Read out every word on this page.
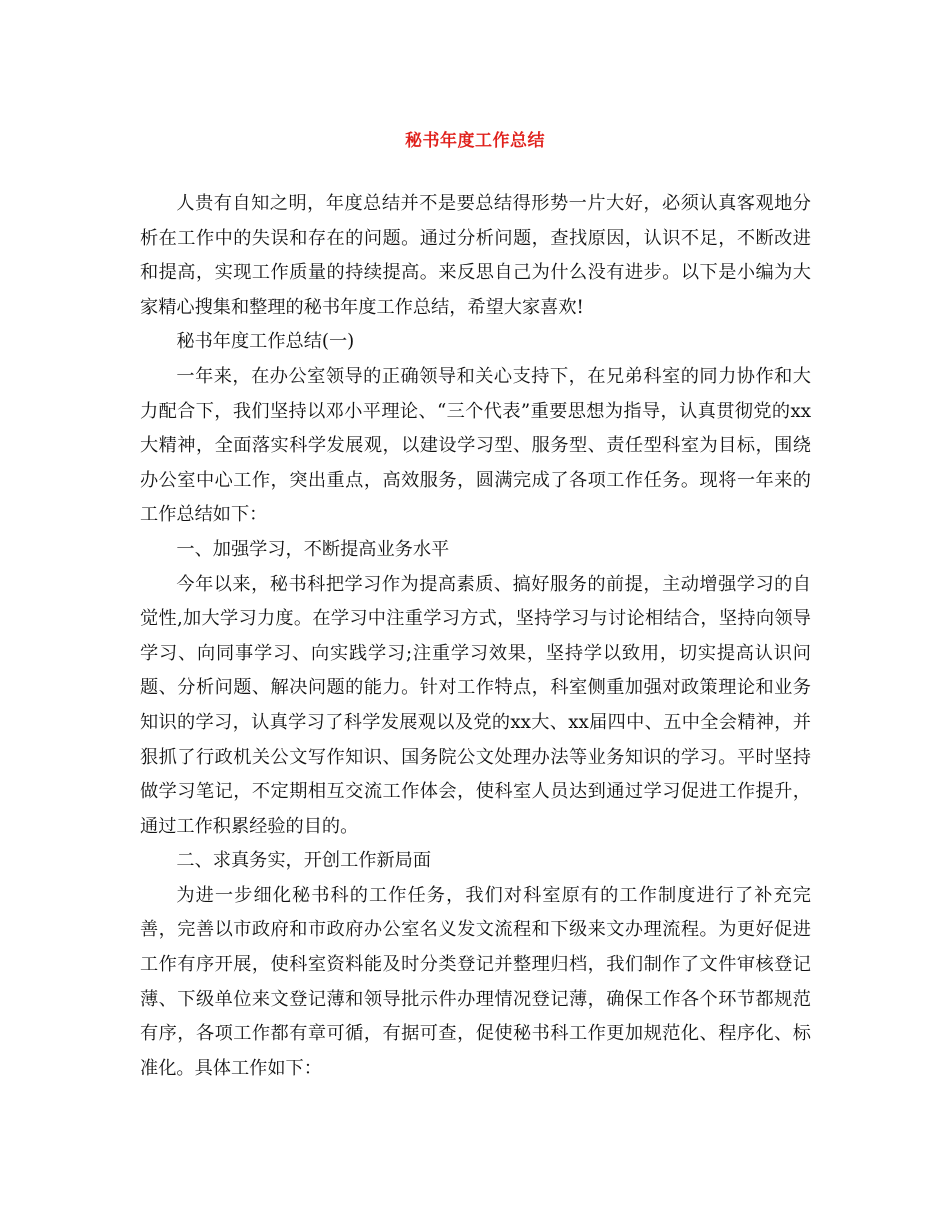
秘书年度工作总结

人贵有自知之明，年度总结并不是要总结得形势一片大好，必须认真客观地分析在工作中的失误和存在的问题。通过分析问题，查找原因，认识不足，不断改进和提高，实现工作质量的持续提高。来反思自己为什么没有进步。以下是小编为大家精心搜集和整理的秘书年度工作总结，希望大家喜欢!

秘书年度工作总结(一)

一年来，在办公室领导的正确领导和关心支持下，在兄弟科室的同力协作和大力配合下，我们坚持以邓小平理论、“三个代表”重要思想为指导，认真贯彻党的xx大精神，全面落实科学发展观，以建设学习型、服务型、责任型科室为目标，围绕办公室中心工作，突出重点，高效服务，圆满完成了各项工作任务。现将一年来的工作总结如下：

一、加强学习，不断提高业务水平

今年以来，秘书科把学习作为提高素质、搞好服务的前提，主动增强学习的自觉性,加大学习力度。在学习中注重学习方式，坚持学习与讨论相结合，坚持向领导学习、向同事学习、向实践学习;注重学习效果，坚持学以致用，切实提高认识问题、分析问题、解决问题的能力。针对工作特点，科室侧重加强对政策理论和业务知识的学习，认真学习了科学发展观以及党的xx大、xx届四中、五中全会精神，并狠抓了行政机关公文写作知识、国务院公文处理办法等业务知识的学习。平时坚持做学习笔记，不定期相互交流工作体会，使科室人员达到通过学习促进工作提升，通过工作积累经验的目的。

二、求真务实，开创工作新局面

为进一步细化秘书科的工作任务，我们对科室原有的工作制度进行了补充完善，完善以市政府和市政府办公室名义发文流程和下级来文办理流程。为更好促进工作有序开展，使科室资料能及时分类登记并整理归档，我们制作了文件审核登记薄、下级单位来文登记薄和领导批示件办理情况登记薄，确保工作各个环节都规范有序，各项工作都有章可循，有据可查，促使秘书科工作更加规范化、程序化、标准化。具体工作如下：
